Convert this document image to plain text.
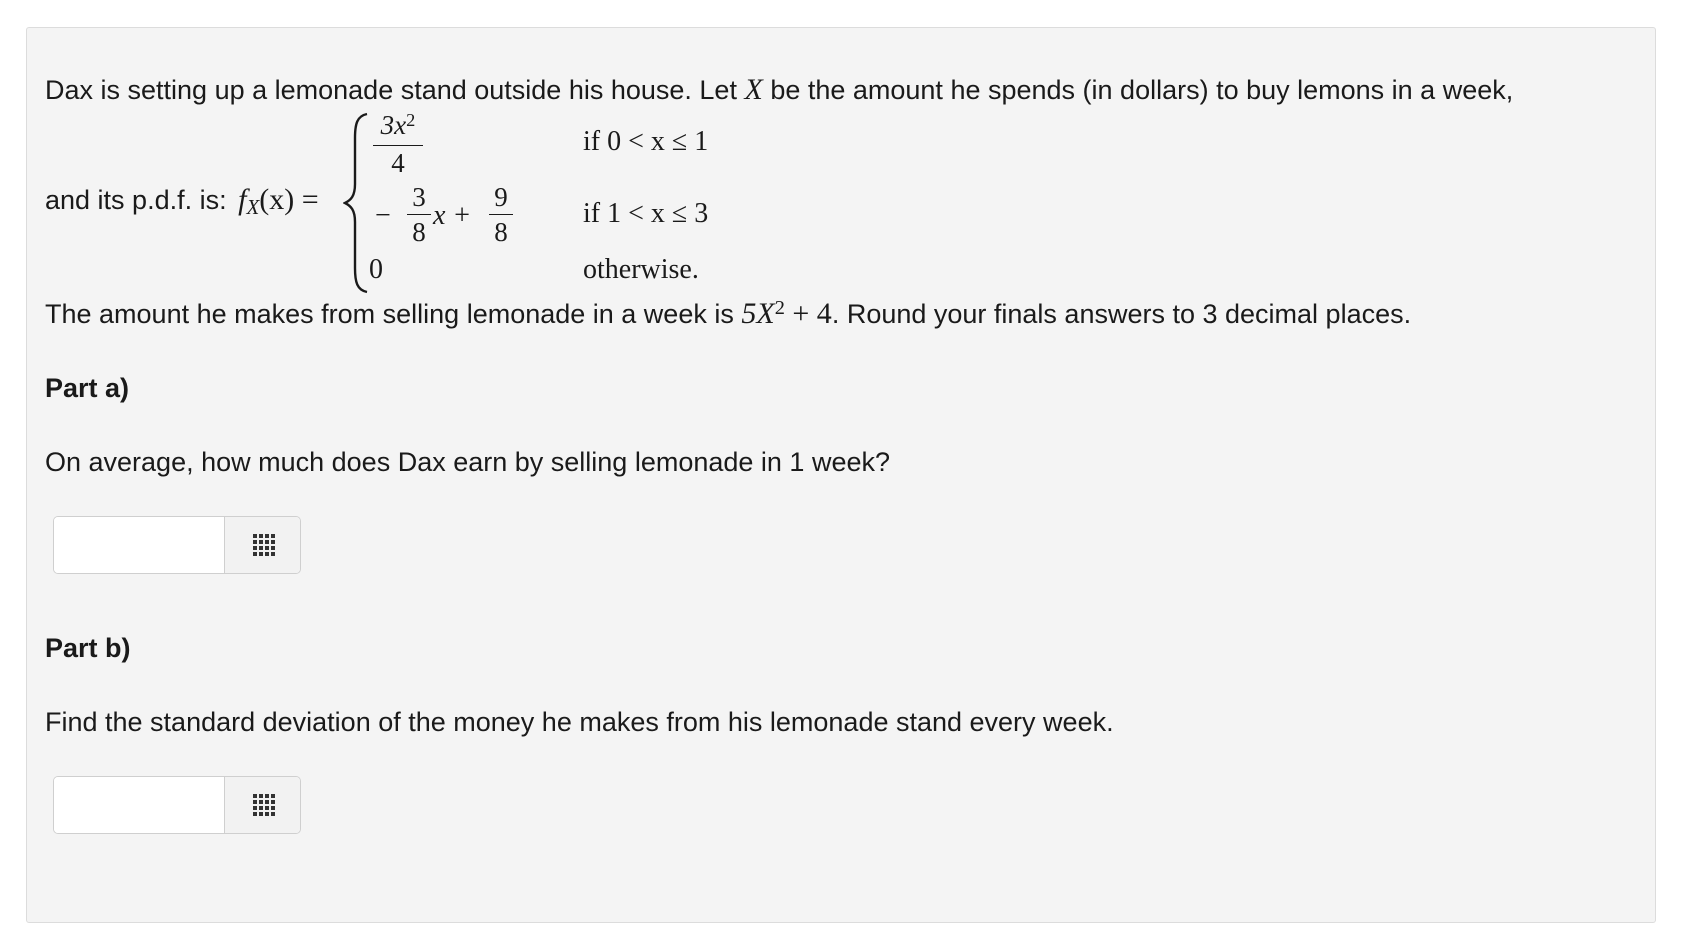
Dax is setting up a lemonade stand outside his house. Let X be the amount he spends (in dollars) to buy lemons in a week,
and its p.d.f. is: $f_X(x)$ =
$3x^2$
4
if 0 < x ≤ 1
−
3
8
x +
9
8
if 1 < x ≤ 3
0	otherwise.
The amount he makes from selling lemonade in a week is $5X^2 + 4$. Round your finals answers to 3 decimal places.
Part a)
On average, how much does Dax earn by selling lemonade in 1 week?
Part b)
Find the standard deviation of the money he makes from his lemonade stand every week.
